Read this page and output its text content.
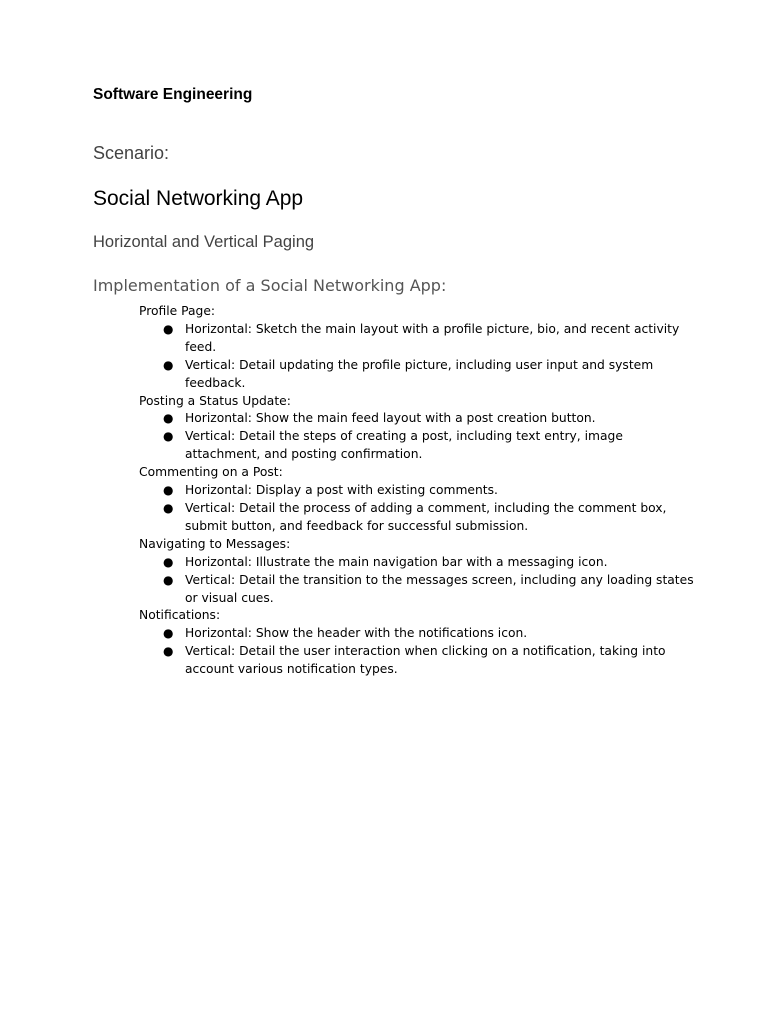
Software Engineering
Scenario:
Social Networking App
Horizontal and Vertical Paging
Implementation of a Social Networking App:
Profile Page:
● Horizontal: Sketch the main layout with a profile picture, bio, and recent activity feed.
● Vertical: Detail updating the profile picture, including user input and system feedback.
Posting a Status Update:
● Horizontal: Show the main feed layout with a post creation button.
● Vertical: Detail the steps of creating a post, including text entry, image attachment, and posting confirmation.
Commenting on a Post:
● Horizontal: Display a post with existing comments.
● Vertical: Detail the process of adding a comment, including the comment box, submit button, and feedback for successful submission.
Navigating to Messages:
● Horizontal: Illustrate the main navigation bar with a messaging icon.
● Vertical: Detail the transition to the messages screen, including any loading states or visual cues.
Notifications:
● Horizontal: Show the header with the notifications icon.
● Vertical: Detail the user interaction when clicking on a notification, taking into account various notification types.
